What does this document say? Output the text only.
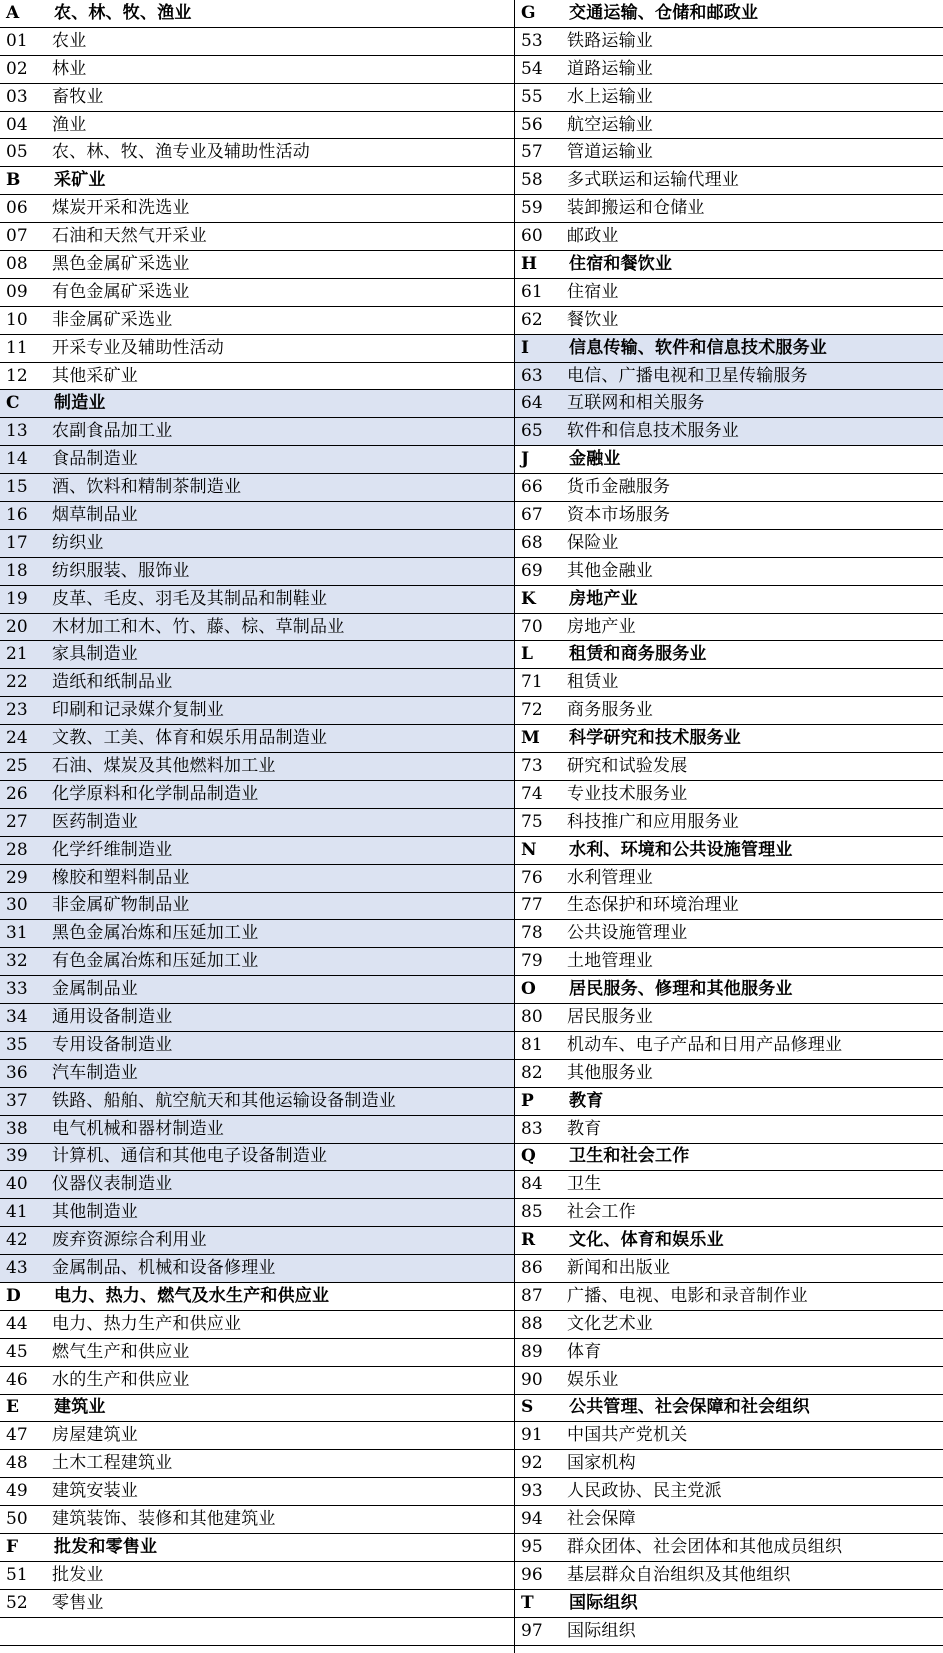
A	农、林、牧、渔业
01	农业
02	林业
03	畜牧业
04	渔业
05	农、林、牧、渔专业及辅助性活动
B	采矿业
06	煤炭开采和洗选业
07	石油和天然气开采业
08	黑色金属矿采选业
09	有色金属矿采选业
10	非金属矿采选业
11	开采专业及辅助性活动
12	其他采矿业
C	制造业
13	农副食品加工业
14	食品制造业
15	酒、饮料和精制茶制造业
16	烟草制品业
17	纺织业
18	纺织服装、服饰业
19	皮革、毛皮、羽毛及其制品和制鞋业
20	木材加工和木、竹、藤、棕、草制品业
21	家具制造业
22	造纸和纸制品业
23	印刷和记录媒介复制业
24	文教、工美、体育和娱乐用品制造业
25	石油、煤炭及其他燃料加工业
26	化学原料和化学制品制造业
27	医药制造业
28	化学纤维制造业
29	橡胶和塑料制品业
30	非金属矿物制品业
31	黑色金属冶炼和压延加工业
32	有色金属冶炼和压延加工业
33	金属制品业
34	通用设备制造业
35	专用设备制造业
36	汽车制造业
37	铁路、船舶、航空航天和其他运输设备制造业
38	电气机械和器材制造业
39	计算机、通信和其他电子设备制造业
40	仪器仪表制造业
41	其他制造业
42	废弃资源综合利用业
43	金属制品、机械和设备修理业
D	电力、热力、燃气及水生产和供应业
44	电力、热力生产和供应业
45	燃气生产和供应业
46	水的生产和供应业
E	建筑业
47	房屋建筑业
48	土木工程建筑业
49	建筑安装业
50	建筑装饰、装修和其他建筑业
F	批发和零售业
51	批发业
52	零售业
G	交通运输、仓储和邮政业
53	铁路运输业
54	道路运输业
55	水上运输业
56	航空运输业
57	管道运输业
58	多式联运和运输代理业
59	装卸搬运和仓储业
60	邮政业
H	住宿和餐饮业
61	住宿业
62	餐饮业
I	信息传输、软件和信息技术服务业
63	电信、广播电视和卫星传输服务
64	互联网和相关服务
65	软件和信息技术服务业
J	金融业
66	货币金融服务
67	资本市场服务
68	保险业
69	其他金融业
K	房地产业
70	房地产业
L	租赁和商务服务业
71	租赁业
72	商务服务业
M	科学研究和技术服务业
73	研究和试验发展
74	专业技术服务业
75	科技推广和应用服务业
N	水利、环境和公共设施管理业
76	水利管理业
77	生态保护和环境治理业
78	公共设施管理业
79	土地管理业
O	居民服务、修理和其他服务业
80	居民服务业
81	机动车、电子产品和日用产品修理业
82	其他服务业
P	教育
83	教育
Q	卫生和社会工作
84	卫生
85	社会工作
R	文化、体育和娱乐业
86	新闻和出版业
87	广播、电视、电影和录音制作业
88	文化艺术业
89	体育
90	娱乐业
S	公共管理、社会保障和社会组织
91	中国共产党机关
92	国家机构
93	人民政协、民主党派
94	社会保障
95	群众团体、社会团体和其他成员组织
96	基层群众自治组织及其他组织
T	国际组织
97	国际组织
